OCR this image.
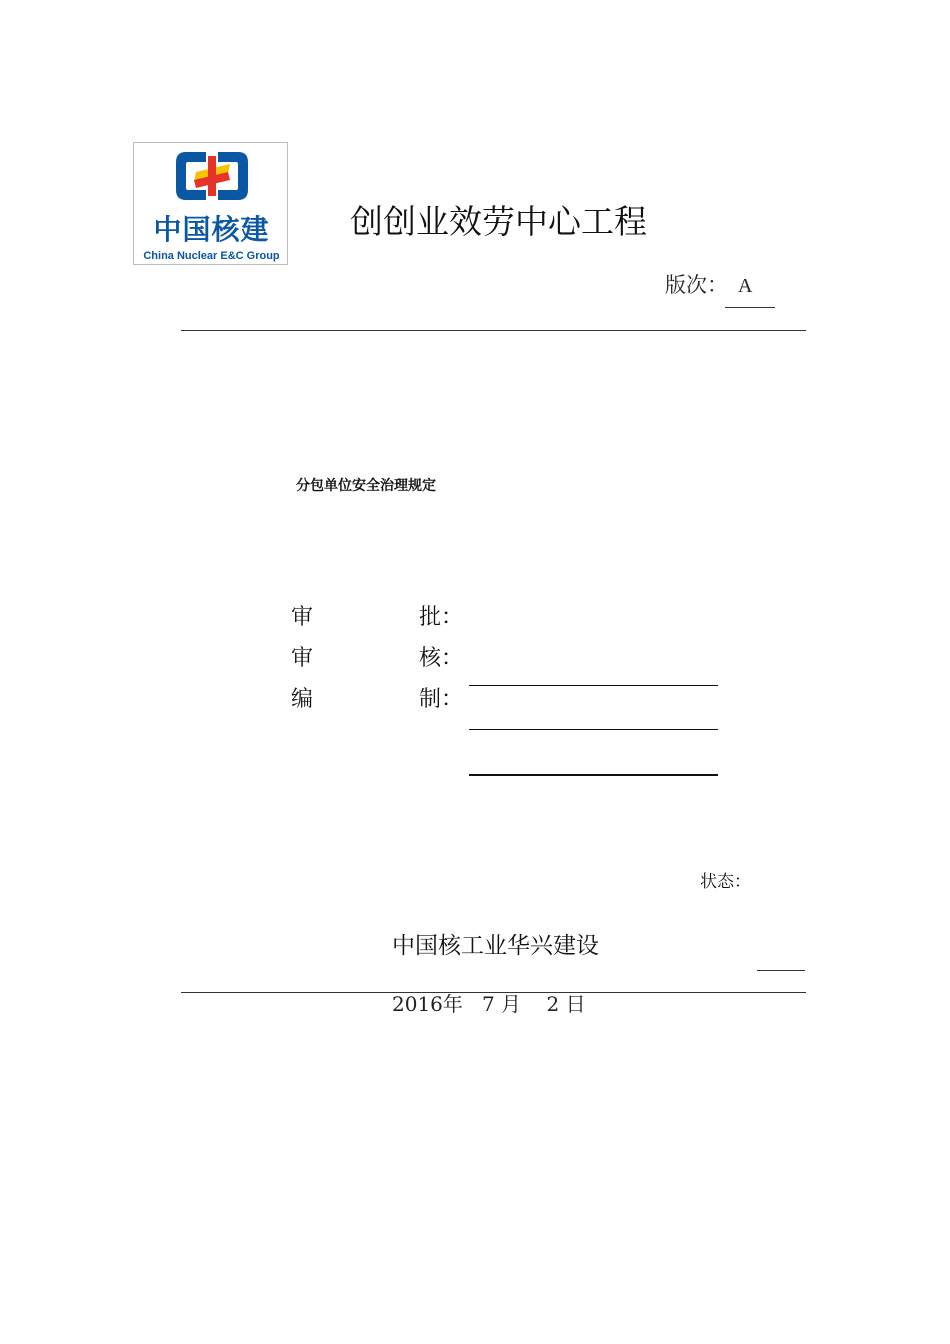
中国核建
China Nuclear E&C Group
创创业效劳中心工程
版次： A
分包单位安全治理规定
审	批：
审	核：
编	制：
状态：
中国核工业华兴建设
2016年   7 月    2 日
